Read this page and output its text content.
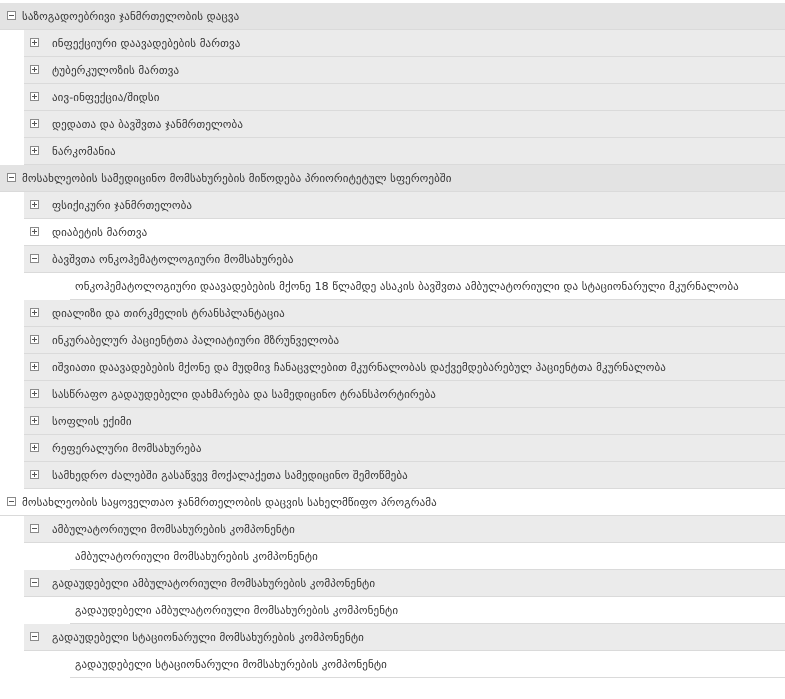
საზოგადოებრივი ჯანმრთელობის დაცვა
ინფექციური დაავადებების მართვა
ტუბერკულოზის მართვა
აივ-ინფექცია/შიდსი
დედათა და ბავშვთა ჯანმრთელობა
ნარკომანია
მოსახლეობის სამედიცინო მომსახურების მიწოდება პრიორიტეტულ სფეროებში
ფსიქიკური ჯანმრთელობა
დიაბეტის მართვა
ბავშვთა ონკოჰემატოლოგიური მომსახურება
ონკოჰემატოლოგიური დაავადებების მქონე 18 წლამდე ასაკის ბავშვთა ამბულატორიული და სტაციონარული მკურნალობა
დიალიზი და თირკმელის ტრანსპლანტაცია
ინკურაბელურ პაციენტთა პალიატიური მზრუნველობა
იშვიათი დაავადებების მქონე და მუდმივ ჩანაცვლებით მკურნალობას დაქვემდებარებულ პაციენტთა მკურნალობა
სასწრაფო გადაუდებელი დახმარება და სამედიცინო ტრანსპორტირება
სოფლის ექიმი
რეფერალური მომსახურება
სამხედრო ძალებში გასაწვევ მოქალაქეთა სამედიცინო შემოწმება
მოსახლეობის საყოველთაო ჯანმრთელობის დაცვის სახელმწიფო პროგრამა
ამბულატორიული მომსახურების კომპონენტი
ამბულატორიული მომსახურების კომპონენტი
გადაუდებელი ამბულატორიული მომსახურების კომპონენტი
გადაუდებელი ამბულატორიული მომსახურების კომპონენტი
გადაუდებელი სტაციონარული მომსახურების კომპონენტი
გადაუდებელი სტაციონარული მომსახურების კომპონენტი
